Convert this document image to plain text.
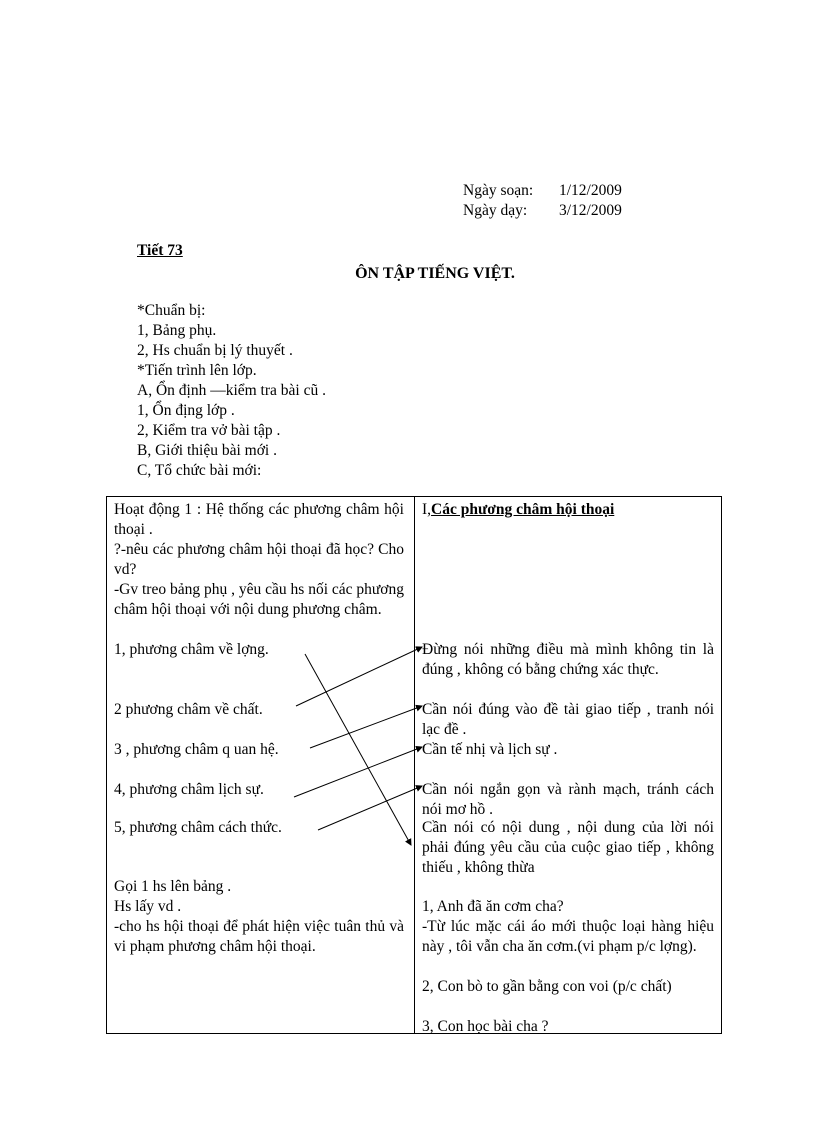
Ngày soạn: 1/12/2009
Ngày dạy: 3/12/2009
Tiết 73
ÔN TẬP TIẾNG VIỆT.
*Chuẩn bị:
1, Bảng phụ.
2, Hs chuẩn bị lý thuyết .
*Tiến trình lên lớp.
A, Ổn định —kiểm tra bài cũ .
1, Ổn địng lớp .
2, Kiểm tra vở bài tập .
B, Giới thiệu bài mới .
C, Tổ chức bài mới:
Hoạt động 1 : Hệ thống các phương châm hội thoại .
?-nêu các phương châm hội thoại đã học? Cho vd?
-Gv treo bảng phụ , yêu cầu hs nối các phương châm hội thoại với nội dung phương châm.
1, phương châm về lợng.
2 phương châm về chất.
3 , phương châm q uan hệ.
4, phương châm lịch sự.
5, phương châm cách thức.
Gọi 1 hs lên bảng .
Hs lấy vd .
-cho hs hội thoại để phát hiện việc tuân thủ và vi phạm phương châm hội thoại.
I,Các phương châm hội thoại
Đừng nói những điều mà mình không tin là đúng , không có bằng chứng xác thực.
Cần nói đúng vào đề tài giao tiếp , tranh nói lạc đề .
Cần tế nhị và lịch sự .
Cần nói ngắn gọn và rành mạch, tránh cách nói mơ hồ .
Cần nói có nội dung , nội dung của lời nói phải đúng yêu cầu của cuộc giao tiếp , không thiếu , không thừa
1, Anh đã ăn cơm cha?
-Từ lúc mặc cái áo mới thuộc loại hàng hiệu này , tôi vẫn cha ăn cơm.(vi phạm p/c lợng).
2, Con bò to gần bằng con voi (p/c chất)
3, Con học bài cha ?
